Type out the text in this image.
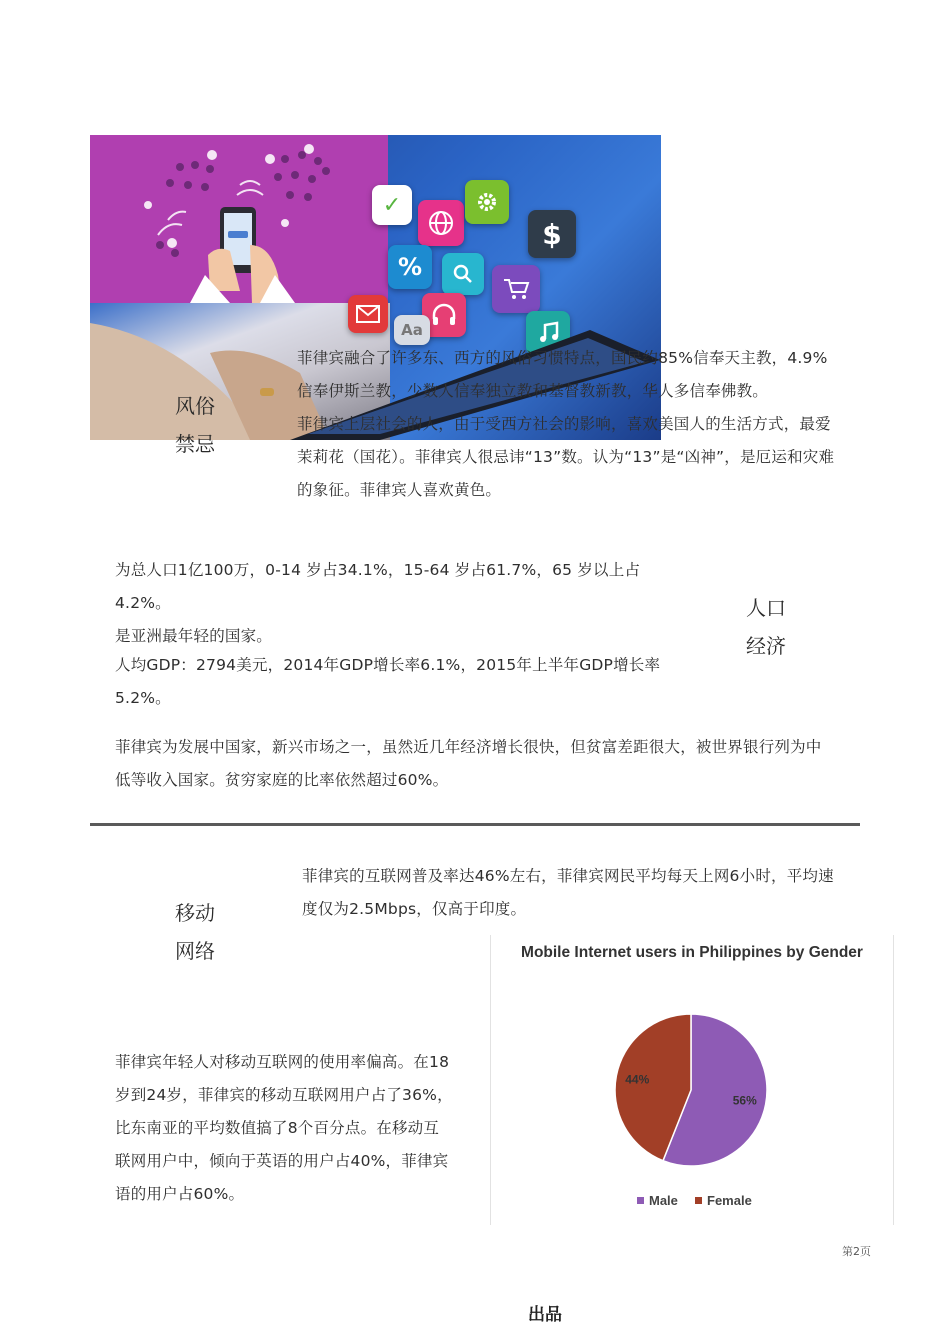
✓
$
%
Aa
风俗
禁忌
菲律宾融合了许多东、西方的风俗习惯特点，国民约85%信奉天主教，4.9%
信奉伊斯兰教，少数人信奉独立教和基督教新教，华人多信奉佛教。
菲律宾上层社会的人，由于受西方社会的影响，喜欢美国人的生活方式，最爱
茉莉花（国花）。菲律宾人很忌讳“13”数。认为“13”是“凶神”，是厄运和灾难
的象征。菲律宾人喜欢黄色。
人口
经济
为总人口1亿100万，0-14 岁占34.1%，15-64 岁占61.7%，65 岁以上占4.2%。
是亚洲最年轻的国家。
人均GDP：2794美元，2014年GDP增长率6.1%，2015年上半年GDP增长率
5.2%。
菲律宾为发展中国家，新兴市场之一，虽然近几年经济增长很快，但贫富差距很大，被世界银行列为中
低等收入国家。贫穷家庭的比率依然超过60%。
移动
网络
菲律宾的互联网普及率达46%左右，菲律宾网民平均每天上网6小时，平均速
度仅为2.5Mbps，仅高于印度。
菲律宾年轻人对移动互联网的使用率偏高。在18
岁到24岁，菲律宾的移动互联网用户占了36%，
比东南亚的平均数值搞了8个百分点。在移动互
联网用户中，倾向于英语的用户占40%，菲律宾
语的用户占60%。
Mobile Internet users in Philippines by Gender
56%
44%
Male Female
第2页
出品
